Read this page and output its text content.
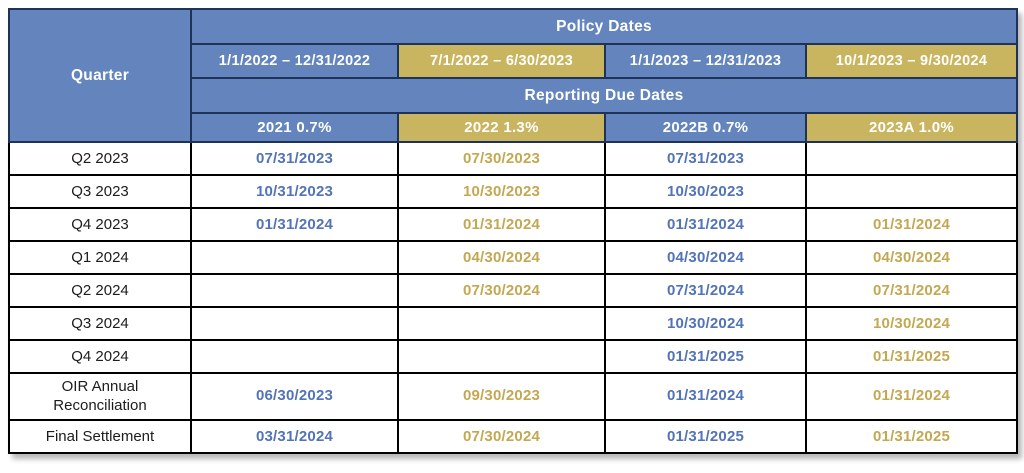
Quarter	Policy Dates			
	1/1/2022 – 12/31/2022	7/1/2022 – 6/30/2023	1/1/2023 – 12/31/2023	10/1/2023 – 9/30/2024
	Reporting Due Dates			
	2021 0.7%	2022 1.3%	2022B 0.7%	2023A 1.0%
Q2 2023	07/31/2023	07/30/2023	07/31/2023	
Q3 2023	10/31/2023	10/30/2023	10/30/2023	
Q4 2023	01/31/2024	01/31/2024	01/31/2024	01/31/2024
Q1 2024		04/30/2024	04/30/2024	04/30/2024
Q2 2024		07/30/2024	07/31/2024	07/31/2024
Q3 2024			10/30/2024	10/30/2024
Q4 2024			01/31/2025	01/31/2025
OIR Annual Reconciliation	06/30/2023	09/30/2023	01/31/2024	01/31/2024
Final Settlement	03/31/2024	07/30/2024	01/31/2025	01/31/2025
